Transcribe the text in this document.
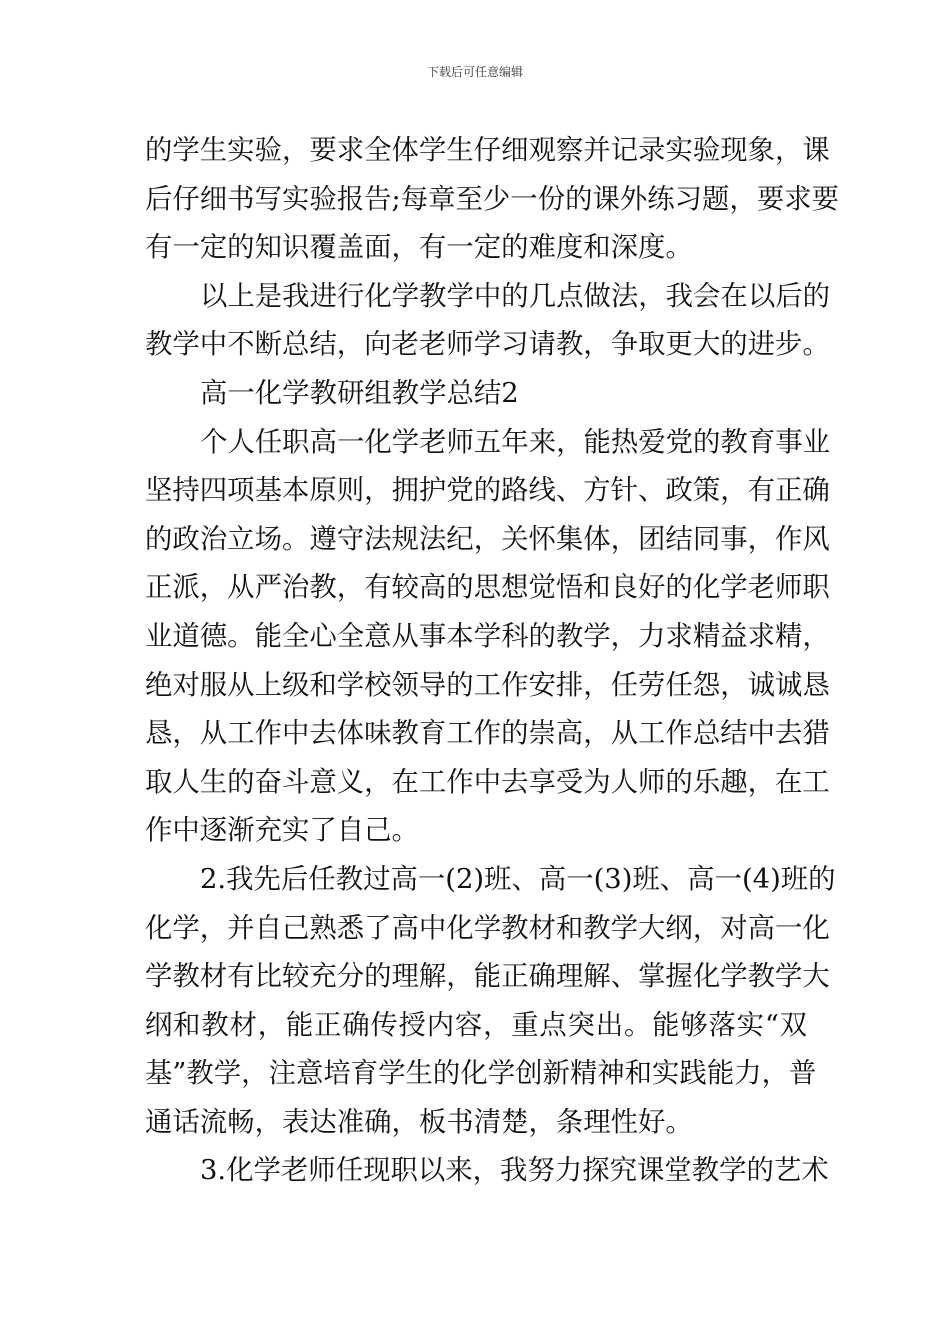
下载后可任意编辑
的学生实验，要求全体学生仔细观察并记录实验现象，课
后仔细书写实验报告;每章至少一份的课外练习题，要求要
有一定的知识覆盖面，有一定的难度和深度。
以上是我进行化学教学中的几点做法，我会在以后的
教学中不断总结，向老老师学习请教，争取更大的进步。
高一化学教研组教学总结2
个人任职高一化学老师五年来，能热爱党的教育事业
坚持四项基本原则，拥护党的路线、方针、政策，有正确
的政治立场。遵守法规法纪，关怀集体，团结同事，作风
正派，从严治教，有较高的思想觉悟和良好的化学老师职
业道德。能全心全意从事本学科的教学，力求精益求精，
绝对服从上级和学校领导的工作安排，任劳任怨，诚诚恳
恳，从工作中去体味教育工作的崇高，从工作总结中去猎
取人生的奋斗意义，在工作中去享受为人师的乐趣，在工
作中逐渐充实了自己。
2.我先后任教过高一(2)班、高一(3)班、高一(4)班的
化学，并自己熟悉了高中化学教材和教学大纲，对高一化
学教材有比较充分的理解，能正确理解、掌握化学教学大
纲和教材，能正确传授内容，重点突出。能够落实“双
基”教学，注意培育学生的化学创新精神和实践能力，普
通话流畅，表达准确，板书清楚，条理性好。
3.化学老师任现职以来，我努力探究课堂教学的艺术
